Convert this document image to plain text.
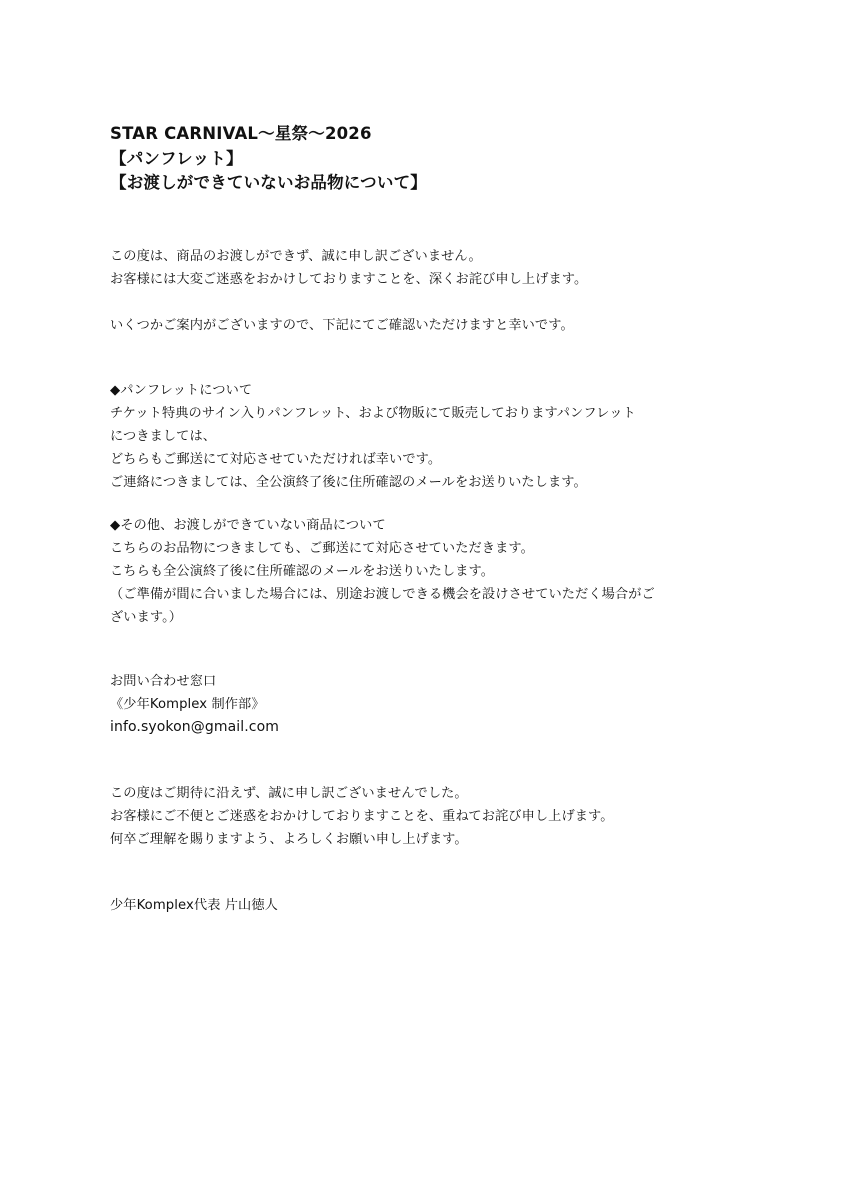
STAR CARNIVAL～星祭～2026
【パンフレット】
【お渡しができていないお品物について】
この度は、商品のお渡しができず、誠に申し訳ございません。
お客様には大変ご迷惑をおかけしておりますことを、深くお詫び申し上げます。
いくつかご案内がございますので、下記にてご確認いただけますと幸いです。
◆パンフレットについて
チケット特典のサイン入りパンフレット、および物販にて販売しておりますパンフレット
につきましては、
どちらもご郵送にて対応させていただければ幸いです。
ご連絡につきましては、全公演終了後に住所確認のメールをお送りいたします。
◆その他、お渡しができていない商品について
こちらのお品物につきましても、ご郵送にて対応させていただきます。
こちらも全公演終了後に住所確認のメールをお送りいたします。
（ご準備が間に合いました場合には、別途お渡しできる機会を設けさせていただく場合がご
ざいます。）
お問い合わせ窓口
《少年Komplex 制作部》
info.syokon@gmail.com
この度はご期待に沿えず、誠に申し訳ございませんでした。
お客様にご不便とご迷惑をおかけしておりますことを、重ねてお詫び申し上げます。
何卒ご理解を賜りますよう、よろしくお願い申し上げます。
少年Komplex代表 片山徳人
